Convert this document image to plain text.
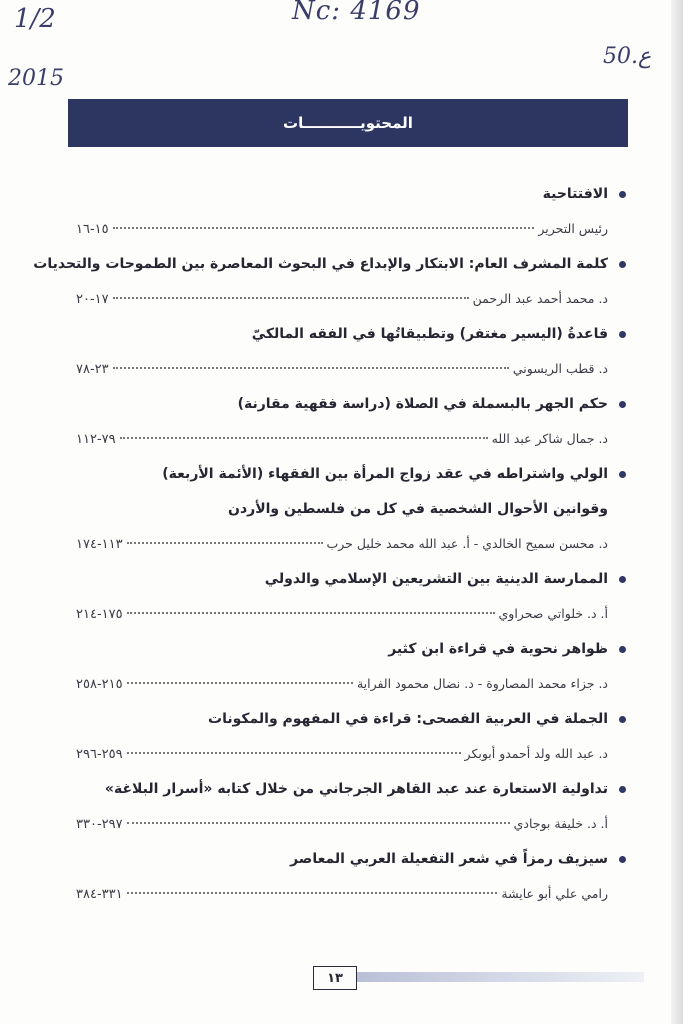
1/2	Nc: 4169
2015
50.ع
المحتويـــــــــــات
الافتتاحية
رئيس التحرير
١٥-١٦
كلمة المشرف العام: الابتكار والإبداع في البحوث المعاصرة بين الطموحات والتحديات
د. محمد أحمد عبد الرحمن
١٧-٢٠
قاعدةُ (اليسير مغتفر) وتطبيقاتُها في الفقه المالكيّ
د. قطب الريسوني
٢٣-٧٨
حكم الجهر بالبسملة في الصلاة (دراسة فقهية مقارنة)
د. جمال شاكر عبد الله
٧٩-١١٢
الولي واشتراطه في عقد زواج المرأة بين الفقهاء (الأئمة الأربعة)
وقوانين الأحوال الشخصية في كل من فلسطين والأردن
د. محسن سميح الخالدي - أ. عبد الله محمد خليل حرب
١١٣-١٧٤
الممارسة الدينية بين التشريعين الإسلامي والدولي
أ. د. خلواتي صحراوي
١٧٥-٢١٤
ظواهر نحوية في قراءة ابن كثير
د. جزاء محمد المصاروة - د. نضال محمود الفراية
٢١٥-٢٥٨
الجملة في العربية الفصحى: قراءة في المفهوم والمكونات
د. عبد الله ولد أحمدو أبوبكر
٢٥٩-٢٩٦
تداولية الاستعارة عند عبد القاهر الجرجاني من خلال كتابه «أسرار البلاغة»
أ. د. خليفة بوجادي
٢٩٧-٣٣٠
سيزيف رمزاً في شعر التفعيلة العربي المعاصر
رامي علي أبو عايشة
٣٣١-٣٨٤
١٣
